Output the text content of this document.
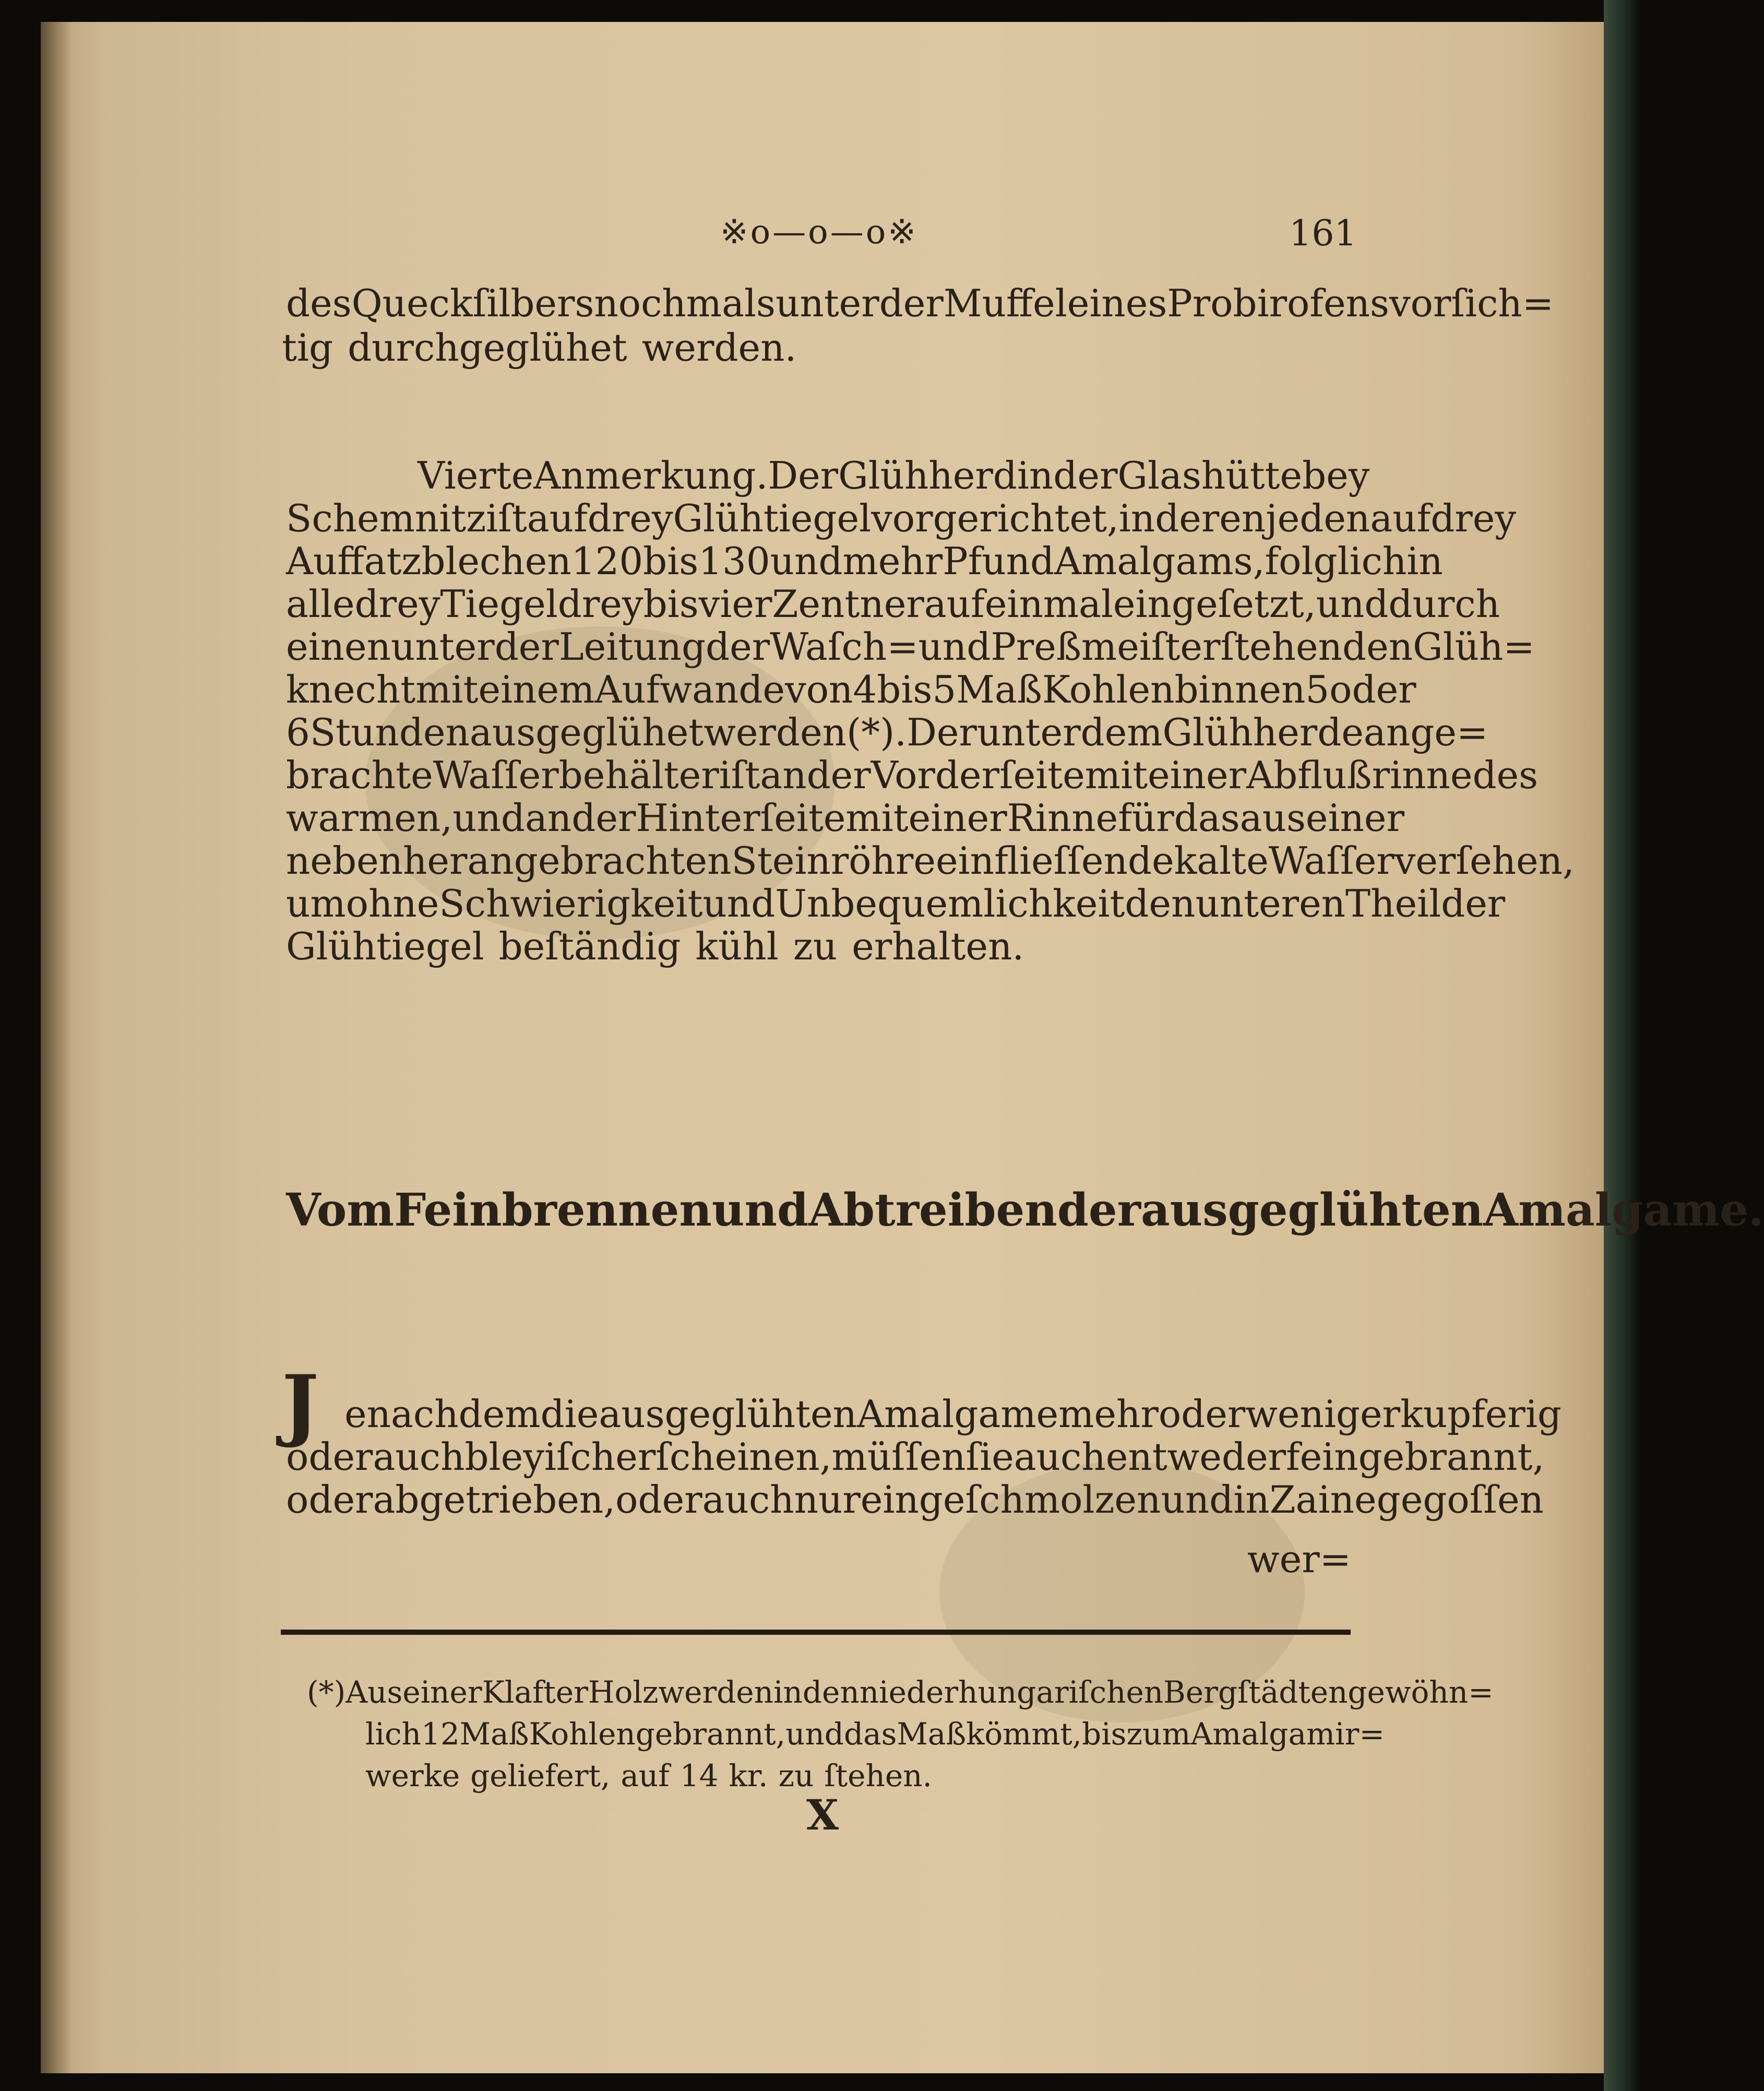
※o—o—o※	161
des Queckſilbers nochmals unter der Muffel eines Probirofens vorſich=
tig durchgeglühet werden.
Vierte Anmerkung. Der Glühherd in der Glashütte bey
Schemnitz iſt auf drey Glühtiegel vorgerichtet, in deren jeden auf drey
Auffatzblechen 120 bis 130 und mehr Pfund Amalgams, folglich in
alle drey Tiegel drey bis vier Zentner auf einmal eingeſetzt, und durch
einen unter der Leitung der Waſch= und Preßmeiſter ſtehenden Glüh=
knecht mit einem Aufwande von 4 bis 5 Maß Kohlen binnen 5 oder
6 Stunden ausgeglühet werden (*). Der unter dem Glühherde ange=
brachte Waſſerbehälter iſt an der Vorderſeite mit einer Abflußrinne des
warmen, und an der Hinterſeite mit einer Rinne für das aus einer
nebenher angebrachten Steinröhre einflieſſende kalte Waſſer verſehen,
um ohne Schwierigkeit und Unbequemlichkeit den unteren Theil der
Glühtiegel beſtändig kühl zu erhalten.
Vom Feinbrennen und Abtreiben der ausgeglühten Amalgame.
J e nachdem die ausgeglühten Amalgame mehr oder weniger kupferig
oder auch bleyiſch erſcheinen, müſſen ſie auch entweder fein gebrannt,
oder abgetrieben, oder auch nur eingeſchmolzen und in Zaine gegoſſen
wer=
(*) Aus einer Klafter Holz werden in den niederhungariſchen Bergſtädten gewöhn=
lich 12 Maß Kohlen gebrannt, und das Maß kömmt, bis zum Amalgamir=
werke geliefert, auf 14 kr. zu ſtehen.
X
